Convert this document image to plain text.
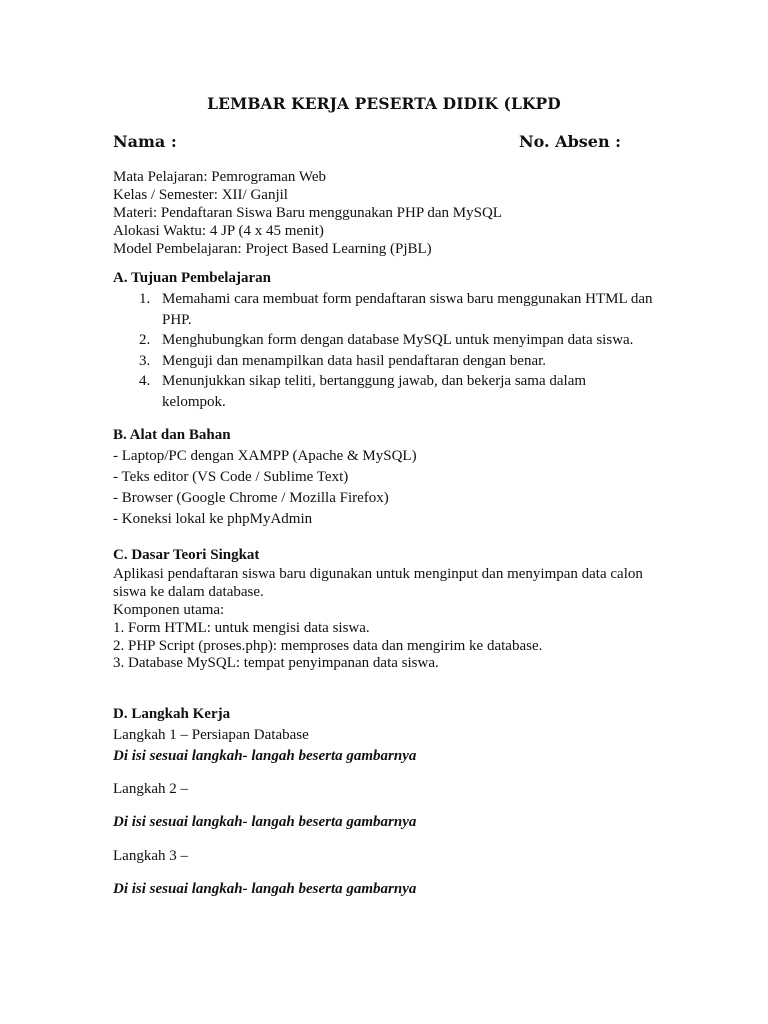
LEMBAR KERJA PESERTA DIDIK (LKPD
Nama :	No. Absen :
Mata Pelajaran: Pemrograman Web
Kelas / Semester: XII/ Ganjil
Materi: Pendaftaran Siswa Baru menggunakan PHP dan MySQL
Alokasi Waktu: 4 JP (4 x 45 menit)
Model Pembelajaran: Project Based Learning (PjBL)
A. Tujuan Pembelajaran
1. Memahami cara membuat form pendaftaran siswa baru menggunakan HTML dan
PHP.
2. Menghubungkan form dengan database MySQL untuk menyimpan data siswa.
3. Menguji dan menampilkan data hasil pendaftaran dengan benar.
4. Menunjukkan sikap teliti, bertanggung jawab, dan bekerja sama dalam
kelompok.
B. Alat dan Bahan
- Laptop/PC dengan XAMPP (Apache & MySQL)
- Teks editor (VS Code / Sublime Text)
- Browser (Google Chrome / Mozilla Firefox)
- Koneksi lokal ke phpMyAdmin
C. Dasar Teori Singkat
Aplikasi pendaftaran siswa baru digunakan untuk menginput dan menyimpan data calon
siswa ke dalam database.
Komponen utama:
1. Form HTML: untuk mengisi data siswa.
2. PHP Script (proses.php): memproses data dan mengirim ke database.
3. Database MySQL: tempat penyimpanan data siswa.
D. Langkah Kerja
Langkah 1 – Persiapan Database
Di isi sesuai langkah- langah beserta gambarnya
Langkah 2 –
Di isi sesuai langkah- langah beserta gambarnya
Langkah 3 –
Di isi sesuai langkah- langah beserta gambarnya
